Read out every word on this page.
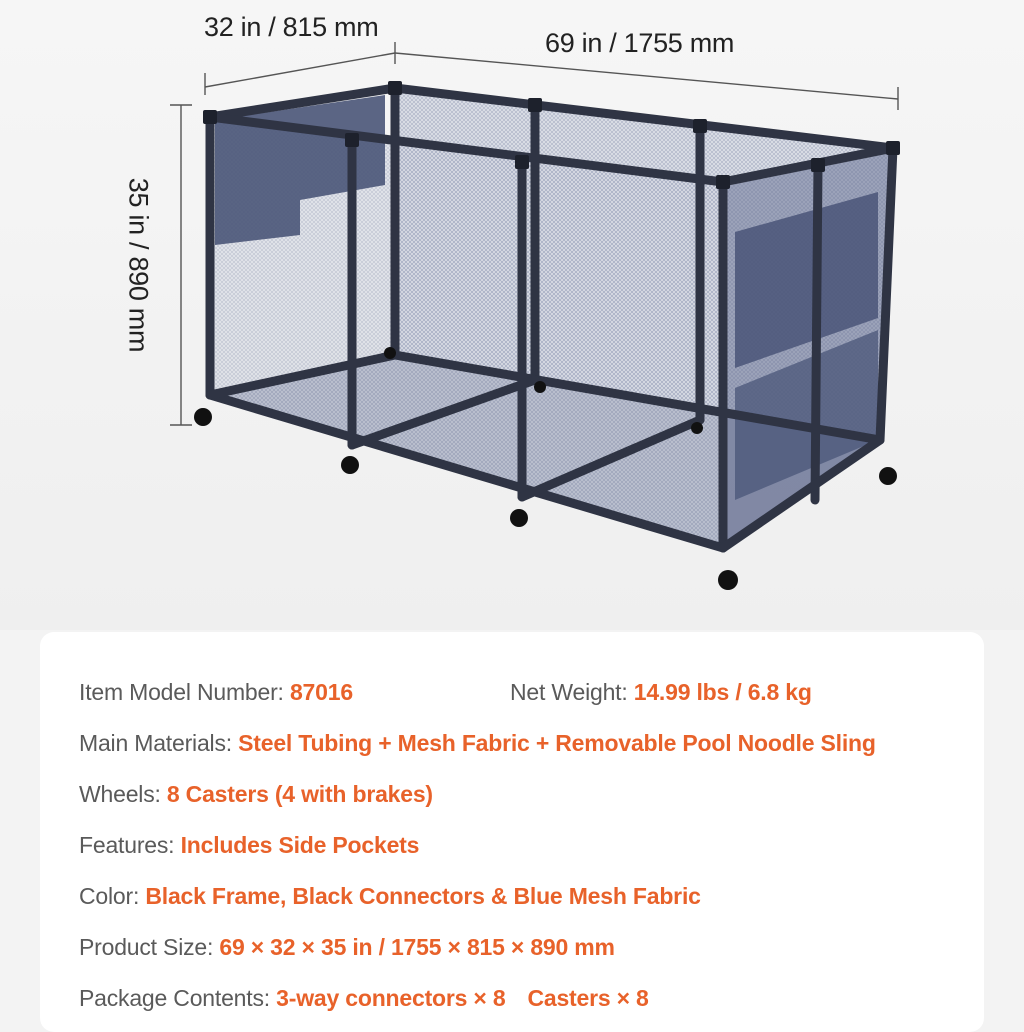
32 in / 815 mm
69 in / 1755 mm
35 in / 890 mm
Item Model Number: 87016	Net Weight: 14.99 lbs / 6.8 kg
Main Materials: Steel Tubing + Mesh Fabric + Removable Pool Noodle Sling
Wheels: 8 Casters (4 with brakes)
Features: Includes Side Pockets
Color: Black Frame, Black Connectors & Blue Mesh Fabric
Product Size: 69 × 32 × 35 in / 1755 × 815 × 890 mm
Package Contents: 3-way connectors × 8 Casters × 8
